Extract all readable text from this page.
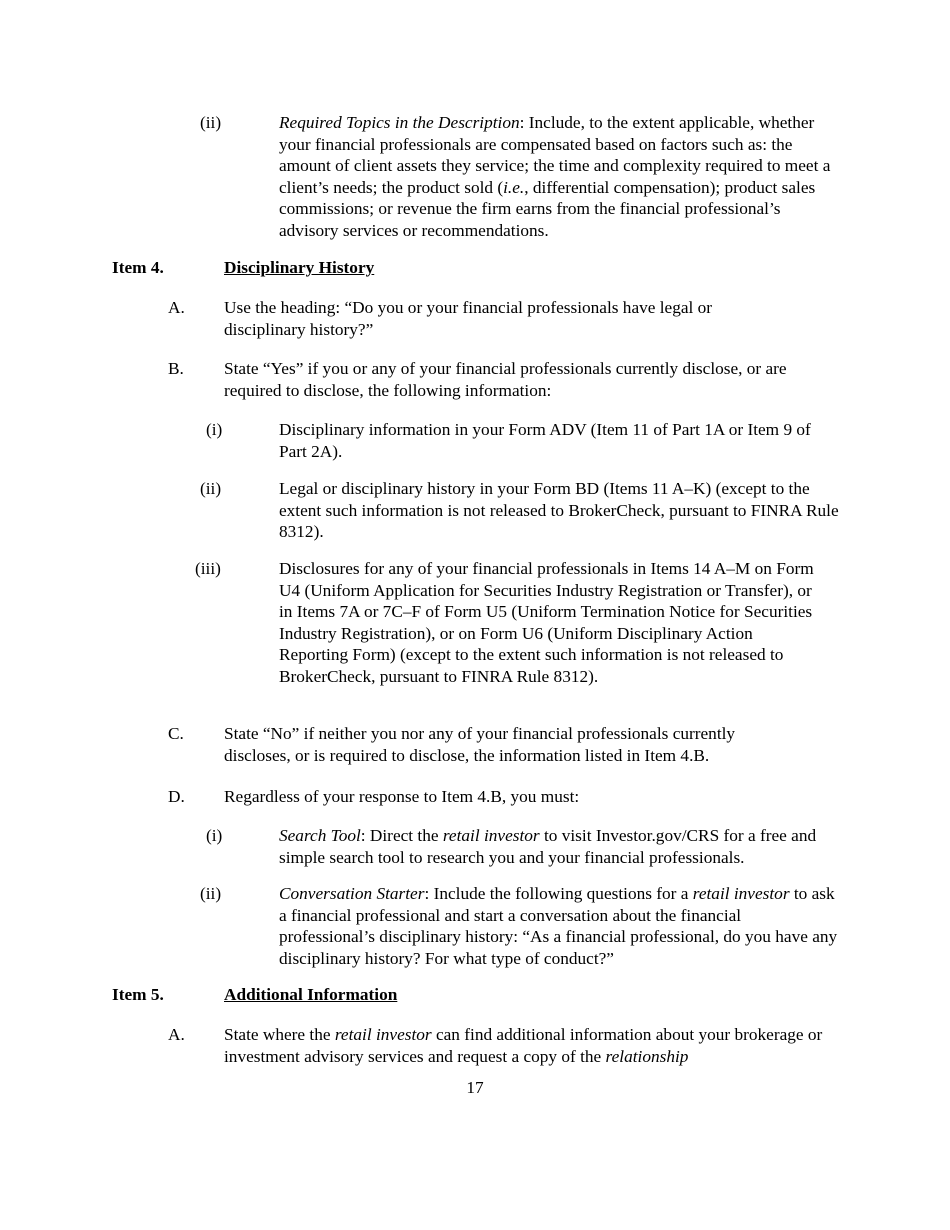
(ii)	Required Topics in the Description: Include, to the extent applicable, whether your financial professionals are compensated based on factors such as: the amount of client assets they service; the time and complexity required to meet a client’s needs; the product sold (i.e., differential compensation); product sales commissions; or revenue the firm earns from the financial professional’s advisory services or recommendations.
Item 4.	Disciplinary History
A. Use the heading: “Do you or your financial professionals have legal or disciplinary history?”
B. State “Yes” if you or any of your financial professionals currently disclose, or are required to disclose, the following information:
(i)	Disciplinary information in your Form ADV (Item 11 of Part 1A or Item 9 of Part 2A).
(ii)	Legal or disciplinary history in your Form BD (Items 11 A–K) (except to the extent such information is not released to BrokerCheck, pursuant to FINRA Rule 8312).
(iii)	Disclosures for any of your financial professionals in Items 14 A–M on Form U4 (Uniform Application for Securities Industry Registration or Transfer), or in Items 7A or 7C–F of Form U5 (Uniform Termination Notice for Securities Industry Registration), or on Form U6 (Uniform Disciplinary Action Reporting Form) (except to the extent such information is not released to BrokerCheck, pursuant to FINRA Rule 8312).
C. State “No” if neither you nor any of your financial professionals currently discloses, or is required to disclose, the information listed in Item 4.B.
D. Regardless of your response to Item 4.B, you must:
(i)	Search Tool: Direct the retail investor to visit Investor.gov/CRS for a free and simple search tool to research you and your financial professionals.
(ii)	Conversation Starter: Include the following questions for a retail investor to ask a financial professional and start a conversation about the financial professional’s disciplinary history: “As a financial professional, do you have any disciplinary history? For what type of conduct?”
Item 5.	Additional Information
A. State where the retail investor can find additional information about your brokerage or investment advisory services and request a copy of the relationship
17
